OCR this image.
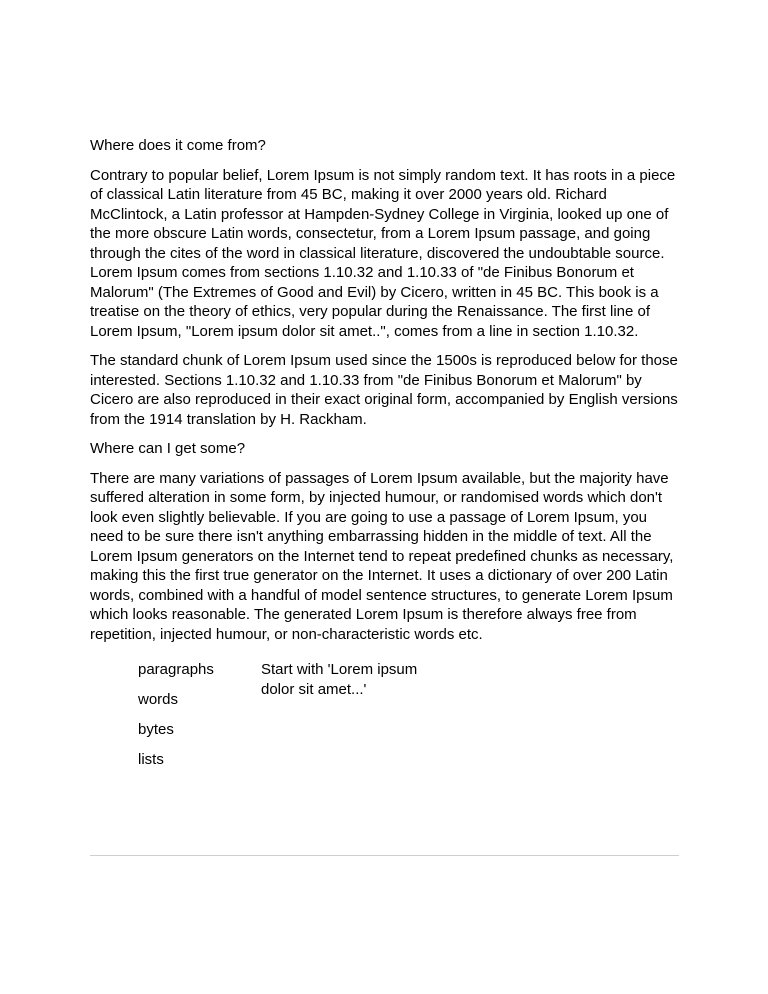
Where does it come from?

Contrary to popular belief, Lorem Ipsum is not simply random text. It has roots in a piece of classical Latin literature from 45 BC, making it over 2000 years old. Richard McClintock, a Latin professor at Hampden-Sydney College in Virginia, looked up one of the more obscure Latin words, consectetur, from a Lorem Ipsum passage, and going through the cites of the word in classical literature, discovered the undoubtable source. Lorem Ipsum comes from sections 1.10.32 and 1.10.33 of "de Finibus Bonorum et Malorum" (The Extremes of Good and Evil) by Cicero, written in 45 BC. This book is a treatise on the theory of ethics, very popular during the Renaissance. The first line of Lorem Ipsum, "Lorem ipsum dolor sit amet..", comes from a line in section 1.10.32.

The standard chunk of Lorem Ipsum used since the 1500s is reproduced below for those interested. Sections 1.10.32 and 1.10.33 from "de Finibus Bonorum et Malorum" by Cicero are also reproduced in their exact original form, accompanied by English versions from the 1914 translation by H. Rackham.

Where can I get some?

There are many variations of passages of Lorem Ipsum available, but the majority have suffered alteration in some form, by injected humour, or randomised words which don't look even slightly believable. If you are going to use a passage of Lorem Ipsum, you need to be sure there isn't anything embarrassing hidden in the middle of text. All the Lorem Ipsum generators on the Internet tend to repeat predefined chunks as necessary, making this the first true generator on the Internet. It uses a dictionary of over 200 Latin words, combined with a handful of model sentence structures, to generate Lorem Ipsum which looks reasonable. The generated Lorem Ipsum is therefore always free from repetition, injected humour, or non-characteristic words etc.

paragraphs
words
bytes
lists
Start with 'Lorem ipsum dolor sit amet...'
